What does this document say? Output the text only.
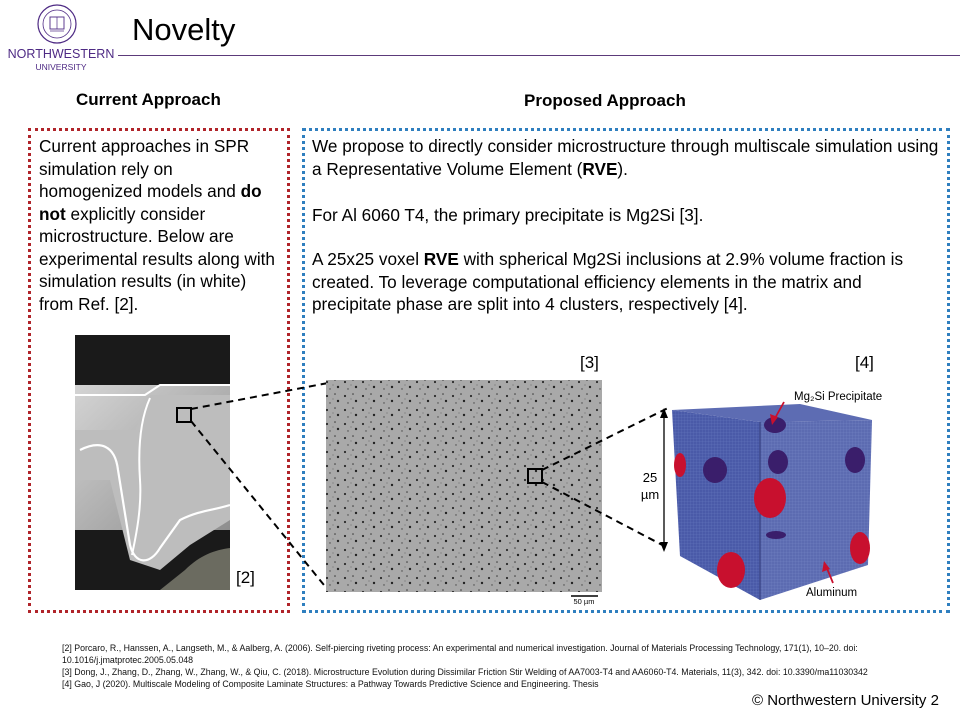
NORTHWESTERN
UNIVERSITY
Novelty
Current Approach	Proposed Approach
Current approaches in SPR simulation rely on homogenized models and do not explicitly consider microstructure. Below are experimental results along with simulation results (in white) from Ref. [2].
We propose to directly consider microstructure through multiscale simulation using a Representative Volume Element (RVE).
For Al 6060 T4, the primary precipitate is Mg2Si [3].
A 25x25 voxel RVE with spherical Mg2Si inclusions at 2.9% volume fraction is created. To leverage computational efficiency elements in the matrix and precipitate phase are split into 4 clusters, respectively [4].
50 µm
25
µm
Mg₂Si Precipitate
Aluminum
[2]
[3]	[4]
[2] Porcaro, R., Hanssen, A., Langseth, M., & Aalberg, A. (2006). Self-piercing riveting process: An experimental and numerical investigation. Journal of Materials Processing Technology, 171(1), 10–20. doi: 10.1016/j.jmatprotec.2005.05.048
[3] Dong, J., Zhang, D., Zhang, W., Zhang, W., & Qiu, C. (2018). Microstructure Evolution during Dissimilar Friction Stir Welding of AA7003-T4 and AA6060-T4. Materials, 11(3), 342. doi: 10.3390/ma11030342
[4] Gao, J (2020). Multiscale Modeling of Composite Laminate Structures: a Pathway Towards Predictive Science and Engineering. Thesis
© Northwestern University 2
